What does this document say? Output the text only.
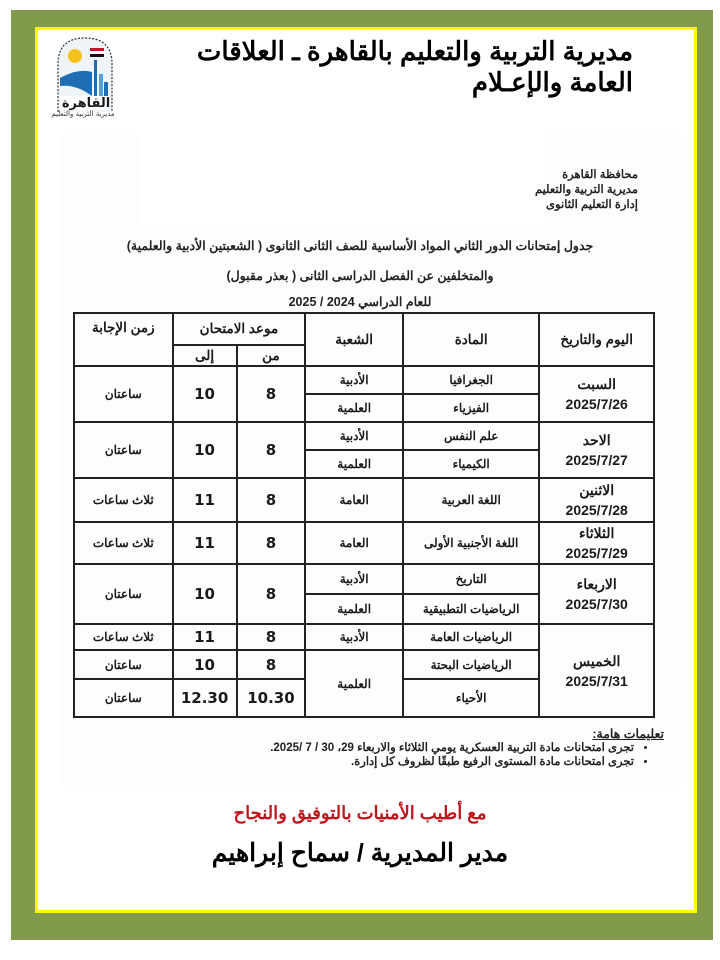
القاهرة
مديرية التربية والتعليم
مديرية التربية والتعليم بالقاهرة ـ العلاقات العامة والإعـلام
محافظة القاهرة
مديرية التربية والتعليم
إدارة التعليم الثانوى
جدول إمتحانات الدور الثاني المواد الأساسية للصف الثانى الثانوى ( الشعبتين الأدبية والعلمية)
والمتخلفين عن الفصل الدراسى الثانى ( بعذر مقبول)
للعام الدراسي 2024 / 2025
اليوم والتاريخ	المادة	الشعبة	موعد الامتحان		زمن الإجابة
			من	إلى	

السبت
2025/7/26	الجغرافيا	الأدبية	8	10	ساعتان
	الفيزياء	العلمية			

الاحد
2025/7/27	علم النفس	الأدبية	8	10	ساعتان
	الكيمياء	العلمية			

الاثنين
2025/7/28	اللغة العربية	العامة	8	11	ثلاث ساعات

الثلاثاء
2025/7/29	اللغة الأجنبية الأولى	العامة	8	11	ثلاث ساعات

الاربعاء
2025/7/30	التاريخ	الأدبية	8	10	ساعتان
	الرياضيات التطبيقية	العلمية			

الخميس
2025/7/31	الرياضيات العامة	الأدبية	8	11	ثلاث ساعات
	الرياضيات البحتة	العلمية	8	10	ساعتان
	الأحياء		10.30	12.30	ساعتان
تعليمات هامة:
• تجرى امتحانات مادة التربية العسكرية يومي الثلاثاء والاربعاء 29، 30 / 7 /2025.
• تجرى امتحانات مادة المستوى الرفيع طبقًا لظروف كل إدارة.
مع أطيب الأمنيات بالتوفيق والنجاح
مدير المديرية / سماح إبراهيم
